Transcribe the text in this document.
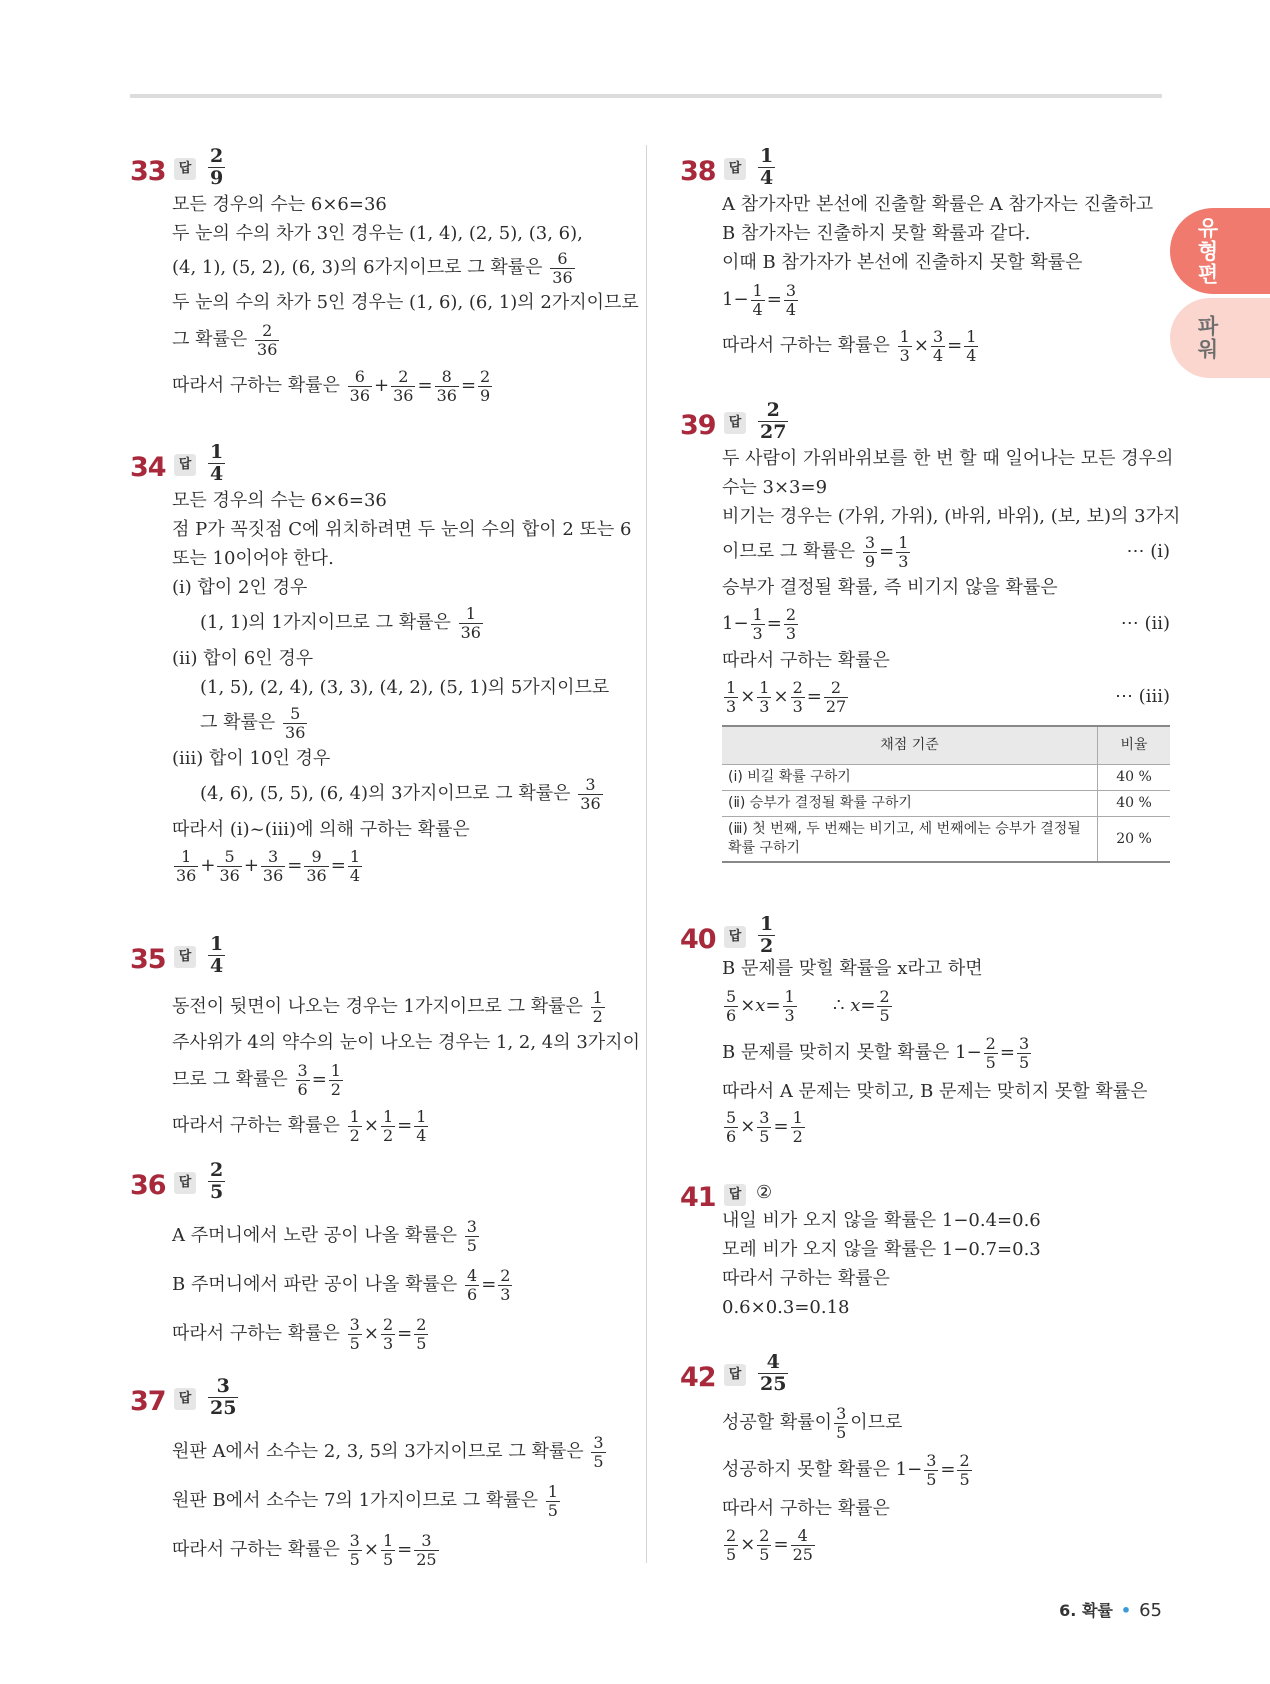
유형편
파워
33	답 $\frac{2}{9}$
모든 경우의 수는 6×6=36
두 눈의 수의 차가 3인 경우는 (1, 4), (2, 5), (3, 6),
(4, 1), (5, 2), (6, 3)의 6가지이므로 그 확률은 $\frac{6}{36}$
두 눈의 수의 차가 5인 경우는 (1, 6), (6, 1)의 2가지이므로
그 확률은 $\frac{2}{36}$
따라서 구하는 확률은 $\frac{6}{36} + \frac{2}{36} = \frac{8}{36} = \frac{2}{9}$
34	답 $\frac{1}{4}$
모든 경우의 수는 6×6=36
점 P가 꼭짓점 C에 위치하려면 두 눈의 수의 합이 2 또는 6
또는 10이어야 한다.
(ⅰ) 합이 2인 경우
(1, 1)의 1가지이므로 그 확률은 $\frac{1}{36}$
(ⅱ) 합이 6인 경우
(1, 5), (2, 4), (3, 3), (4, 2), (5, 1)의 5가지이므로
그 확률은 $\frac{5}{36}$
(ⅲ) 합이 10인 경우
(4, 6), (5, 5), (6, 4)의 3가지이므로 그 확률은 $\frac{3}{36}$
따라서 (ⅰ)~(ⅲ)에 의해 구하는 확률은
$\frac{1}{36} + \frac{5}{36} + \frac{3}{36} = \frac{9}{36} = \frac{1}{4}$
35	답 $\frac{1}{4}$
동전이 뒷면이 나오는 경우는 1가지이므로 그 확률은 $\frac{1}{2}$
주사위가 4의 약수의 눈이 나오는 경우는 1, 2, 4의 3가지이
므로 그 확률은 $\frac{3}{6} = \frac{1}{2}$
따라서 구하는 확률은 $\frac{1}{2} \times \frac{1}{2} = \frac{1}{4}$
36	답 $\frac{2}{5}$
A 주머니에서 노란 공이 나올 확률은 $\frac{3}{5}$
B 주머니에서 파란 공이 나올 확률은 $\frac{4}{6} = \frac{2}{3}$
따라서 구하는 확률은 $\frac{3}{5} \times \frac{2}{3} = \frac{2}{5}$
37	답 $\frac{3}{25}$
원판 A에서 소수는 2, 3, 5의 3가지이므로 그 확률은 $\frac{3}{5}$
원판 B에서 소수는 7의 1가지이므로 그 확률은 $\frac{1}{5}$
따라서 구하는 확률은 $\frac{3}{5} \times \frac{1}{5} = \frac{3}{25}$
38	답 $\frac{1}{4}$
A 참가자만 본선에 진출할 확률은 A 참가자는 진출하고
B 참가자는 진출하지 못할 확률과 같다.
이때 B 참가자가 본선에 진출하지 못할 확률은
$1- \frac{1}{4} = \frac{3}{4}$
따라서 구하는 확률은 $\frac{1}{3} \times \frac{3}{4} = \frac{1}{4}$
39	답 $\frac{2}{27}$
두 사람이 가위바위보를 한 번 할 때 일어나는 모든 경우의
수는 3×3=9
비기는 경우는 (가위, 가위), (바위, 바위), (보, 보)의 3가지
이므로 그 확률은 $\frac{3}{9} = \frac{1}{3}$	⋯ (ⅰ)
승부가 결정될 확률, 즉 비기지 않을 확률은
$1- \frac{1}{3} = \frac{2}{3}$	⋯ (ⅱ)
따라서 구하는 확률은
$\frac{1}{3} \times \frac{1}{3} \times \frac{2}{3} = \frac{2}{27}$	⋯ (ⅲ)
채점 기준	비율
(ⅰ) 비길 확률 구하기	40 %
(ⅱ) 승부가 결정될 확률 구하기	40 %
(ⅲ) 첫 번째, 두 번째는 비기고, 세 번째에는 승부가 결정될 확률 구하기	20 %
40	답 $\frac{1}{2}$
B 문제를 맞힐 확률을 x라고 하면
$\frac{5}{6} \times x= \frac{1}{3}$ ∴ $x= \frac{2}{5}$
B 문제를 맞히지 못할 확률은 $1- \frac{2}{5} = \frac{3}{5}$
따라서 A 문제는 맞히고, B 문제는 맞히지 못할 확률은
$\frac{5}{6} \times \frac{3}{5} = \frac{1}{2}$
41	답 ②
내일 비가 오지 않을 확률은 1−0.4=0.6
모레 비가 오지 않을 확률은 1−0.7=0.3
따라서 구하는 확률은
0.6×0.3=0.18
42	답 $\frac{4}{25}$
성공할 확률이 $\frac{3}{5}$ 이므로
성공하지 못할 확률은 $1- \frac{3}{5} = \frac{2}{5}$
따라서 구하는 확률은
$\frac{2}{5} \times \frac{2}{5} = \frac{4}{25}$
6. 확률 • 65
